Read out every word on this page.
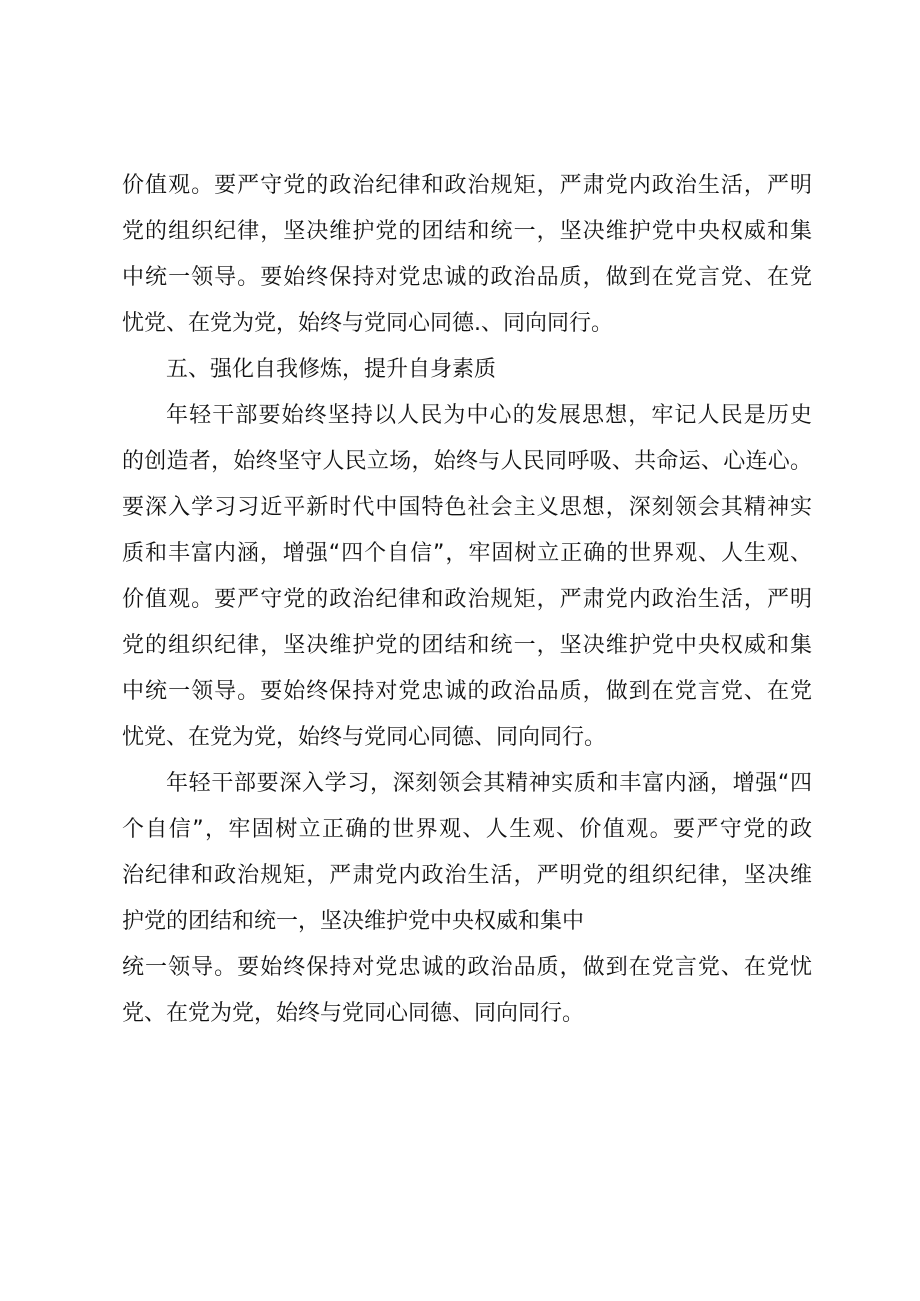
价值观。要严守党的政治纪律和政治规矩，严肃党内政治生活，严明
党的组织纪律，坚决维护党的团结和统一，坚决维护党中央权威和集
中统一领导。要始终保持对党忠诚的政治品质，做到在党言党、在党
忧党、在党为党，始终与党同心同德.、同向同行。
五、强化自我修炼，提升自身素质
年轻干部要始终坚持以人民为中心的发展思想，牢记人民是历史
的创造者，始终坚守人民立场，始终与人民同呼吸、共命运、心连心。
要深入学习习近平新时代中国特色社会主义思想，深刻领会其精神实
质和丰富内涵，增强“四个自信”，牢固树立正确的世界观、人生观、
价值观。要严守党的政治纪律和政治规矩，严肃党内政治生活，严明
党的组织纪律，坚决维护党的团结和统一，坚决维护党中央权威和集
中统一领导。要始终保持对党忠诚的政治品质，做到在党言党、在党
忧党、在党为党，始终与党同心同德、同向同行。
年轻干部要深入学习，深刻领会其精神实质和丰富内涵，增强“四
个自信”，牢固树立正确的世界观、人生观、价值观。要严守党的政
治纪律和政治规矩，严肃党内政治生活，严明党的组织纪律，坚决维
护党的团结和统一，坚决维护党中央权威和集中
统一领导。要始终保持对党忠诚的政治品质，做到在党言党、在党忧
党、在党为党，始终与党同心同德、同向同行。
